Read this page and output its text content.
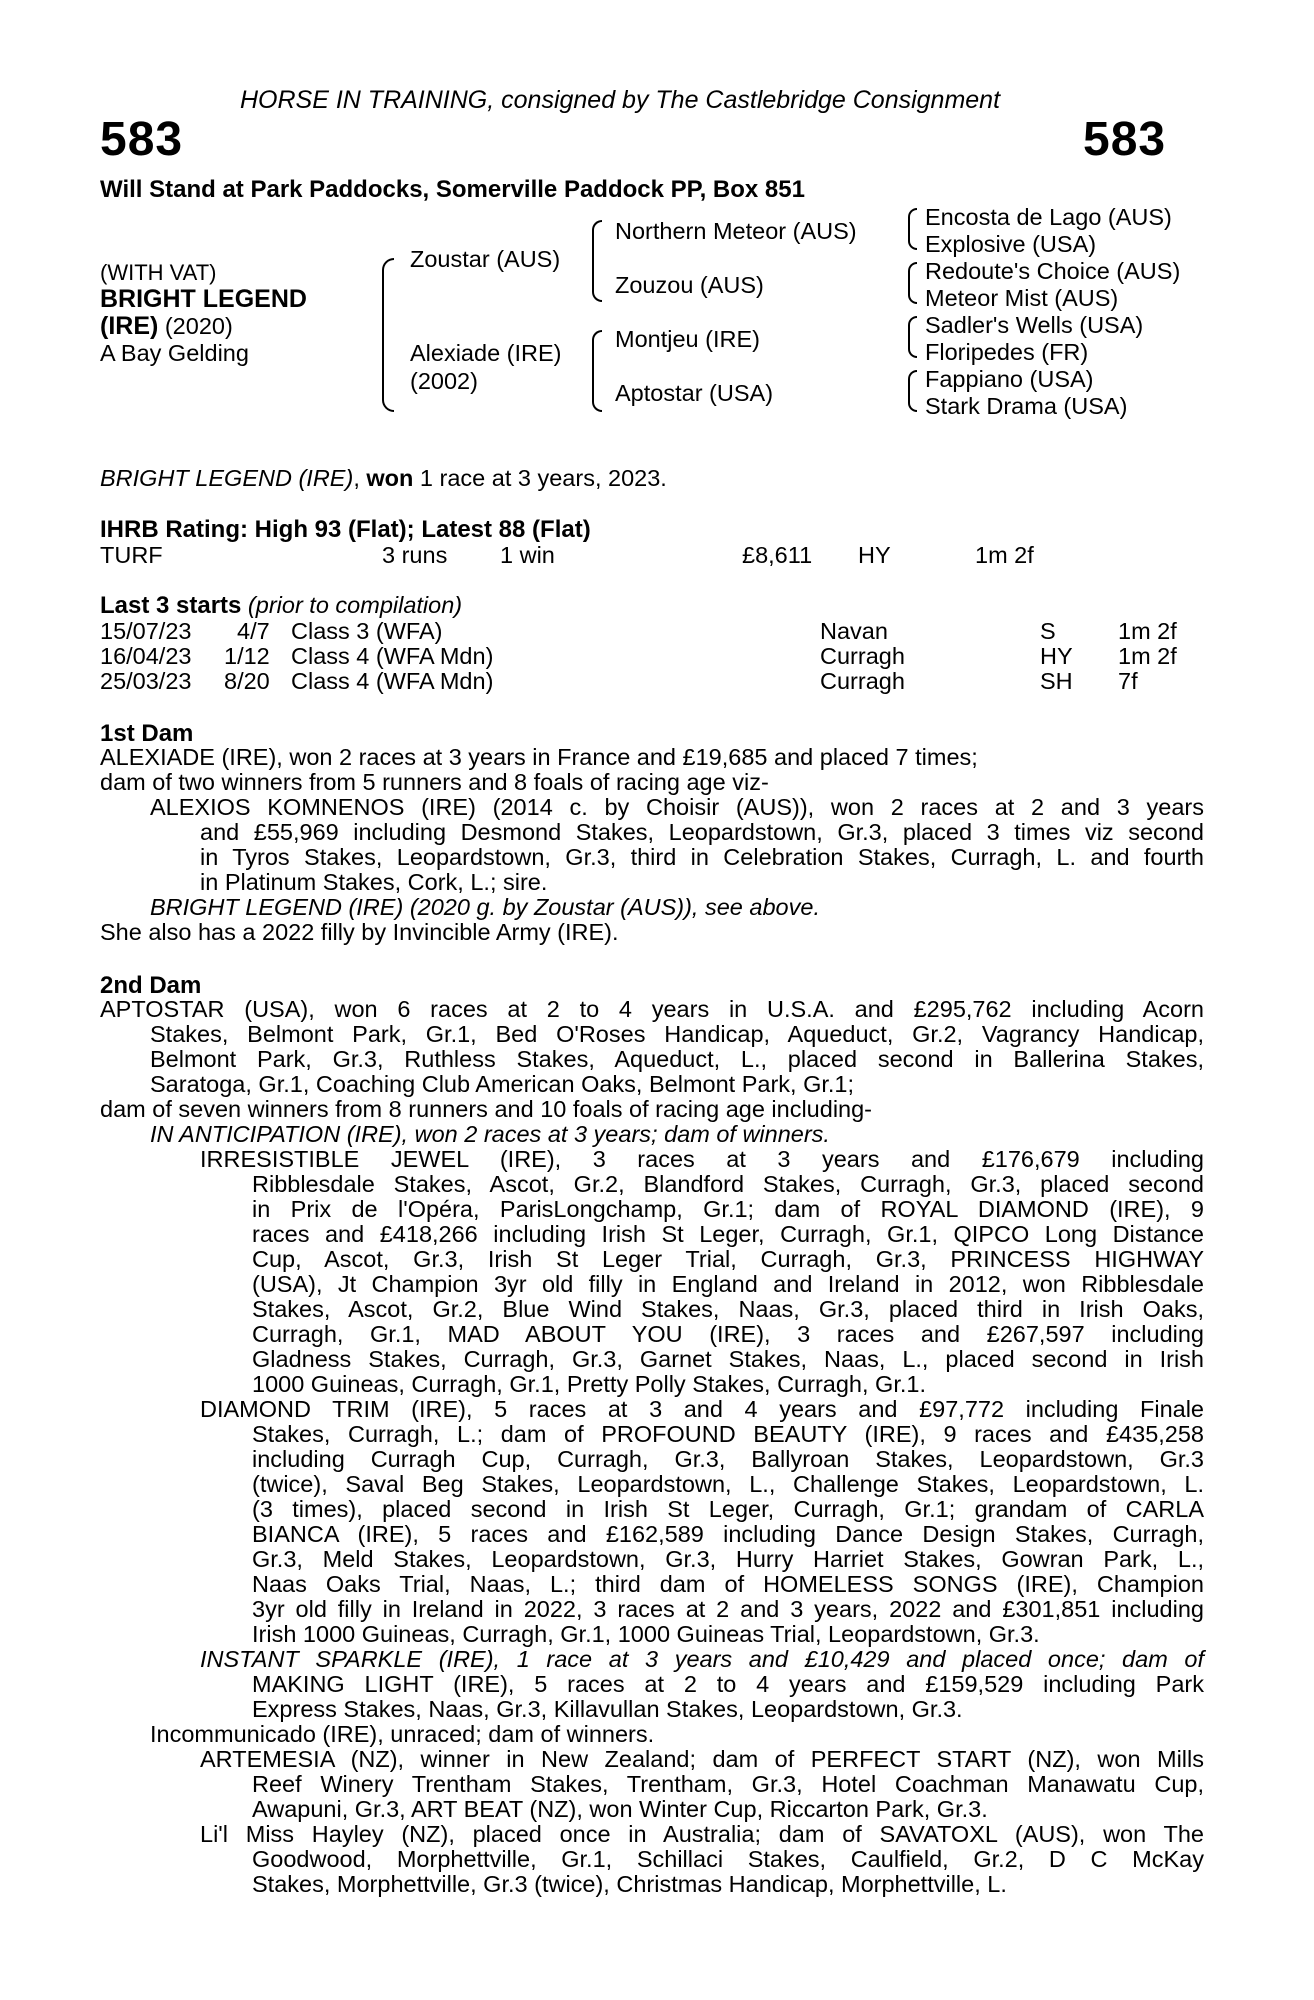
HORSE IN TRAINING, consigned by The Castlebridge Consignment
583	583
Will Stand at Park Paddocks, Somerville Paddock PP, Box 851
(WITH VAT)
BRIGHT LEGEND
(IRE) (2020)
A Bay Gelding
Zoustar (AUS)
Alexiade (IRE)
(2002)
Northern Meteor (AUS)
Zouzou (AUS)
Montjeu (IRE)
Aptostar (USA)
Encosta de Lago (AUS)
Explosive (USA)
Redoute's Choice (AUS)
Meteor Mist (AUS)
Sadler's Wells (USA)
Floripedes (FR)
Fappiano (USA)
Stark Drama (USA)
BRIGHT LEGEND (IRE), won 1 race at 3 years, 2023.
IHRB Rating: High 93 (Flat); Latest 88 (Flat)
TURF	3 runs 1 win	£8,611 HY	1m 2f
Last 3 starts (prior to compilation)
15/07/23 4/7 Class 3 (WFA)	Navan	S	1m 2f
16/04/23 1/12 Class 4 (WFA Mdn)	Curragh	HY 1m 2f
25/03/23 8/20 Class 4 (WFA Mdn)	Curragh	SH 7f
1st Dam
ALEXIADE (IRE), won 2 races at 3 years in France and £19,685 and placed 7 times;
dam of two winners from 5 runners and 8 foals of racing age viz-
ALEXIOS KOMNENOS (IRE) (2014 c. by Choisir (AUS)), won 2 races at 2 and 3 years
and £55,969 including Desmond Stakes, Leopardstown, Gr.3, placed 3 times viz second
in Tyros Stakes, Leopardstown, Gr.3, third in Celebration Stakes, Curragh, L. and fourth
in Platinum Stakes, Cork, L.; sire.
BRIGHT LEGEND (IRE) (2020 g. by Zoustar (AUS)), see above.
She also has a 2022 filly by Invincible Army (IRE).
2nd Dam
APTOSTAR (USA), won 6 races at 2 to 4 years in U.S.A. and £295,762 including Acorn
Stakes, Belmont Park, Gr.1, Bed O'Roses Handicap, Aqueduct, Gr.2, Vagrancy Handicap,
Belmont Park, Gr.3, Ruthless Stakes, Aqueduct, L., placed second in Ballerina Stakes,
Saratoga, Gr.1, Coaching Club American Oaks, Belmont Park, Gr.1;
dam of seven winners from 8 runners and 10 foals of racing age including-
IN ANTICIPATION (IRE), won 2 races at 3 years; dam of winners.
IRRESISTIBLE JEWEL (IRE), 3 races at 3 years and £176,679 including
Ribblesdale Stakes, Ascot, Gr.2, Blandford Stakes, Curragh, Gr.3, placed second
in Prix de l'Opéra, ParisLongchamp, Gr.1; dam of ROYAL DIAMOND (IRE), 9
races and £418,266 including Irish St Leger, Curragh, Gr.1, QIPCO Long Distance
Cup, Ascot, Gr.3, Irish St Leger Trial, Curragh, Gr.3, PRINCESS HIGHWAY
(USA), Jt Champion 3yr old filly in England and Ireland in 2012, won Ribblesdale
Stakes, Ascot, Gr.2, Blue Wind Stakes, Naas, Gr.3, placed third in Irish Oaks,
Curragh, Gr.1, MAD ABOUT YOU (IRE), 3 races and £267,597 including
Gladness Stakes, Curragh, Gr.3, Garnet Stakes, Naas, L., placed second in Irish
1000 Guineas, Curragh, Gr.1, Pretty Polly Stakes, Curragh, Gr.1.
DIAMOND TRIM (IRE), 5 races at 3 and 4 years and £97,772 including Finale
Stakes, Curragh, L.; dam of PROFOUND BEAUTY (IRE), 9 races and £435,258
including Curragh Cup, Curragh, Gr.3, Ballyroan Stakes, Leopardstown, Gr.3
(twice), Saval Beg Stakes, Leopardstown, L., Challenge Stakes, Leopardstown, L.
(3 times), placed second in Irish St Leger, Curragh, Gr.1; grandam of CARLA
BIANCA (IRE), 5 races and £162,589 including Dance Design Stakes, Curragh,
Gr.3, Meld Stakes, Leopardstown, Gr.3, Hurry Harriet Stakes, Gowran Park, L.,
Naas Oaks Trial, Naas, L.; third dam of HOMELESS SONGS (IRE), Champion
3yr old filly in Ireland in 2022, 3 races at 2 and 3 years, 2022 and £301,851 including
Irish 1000 Guineas, Curragh, Gr.1, 1000 Guineas Trial, Leopardstown, Gr.3.
INSTANT SPARKLE (IRE), 1 race at 3 years and £10,429 and placed once; dam of
MAKING LIGHT (IRE), 5 races at 2 to 4 years and £159,529 including Park
Express Stakes, Naas, Gr.3, Killavullan Stakes, Leopardstown, Gr.3.
Incommunicado (IRE), unraced; dam of winners.
ARTEMESIA (NZ), winner in New Zealand; dam of PERFECT START (NZ), won Mills
Reef Winery Trentham Stakes, Trentham, Gr.3, Hotel Coachman Manawatu Cup,
Awapuni, Gr.3, ART BEAT (NZ), won Winter Cup, Riccarton Park, Gr.3.
Li'l Miss Hayley (NZ), placed once in Australia; dam of SAVATOXL (AUS), won The
Goodwood, Morphettville, Gr.1, Schillaci Stakes, Caulfield, Gr.2, D C McKay
Stakes, Morphettville, Gr.3 (twice), Christmas Handicap, Morphettville, L.
